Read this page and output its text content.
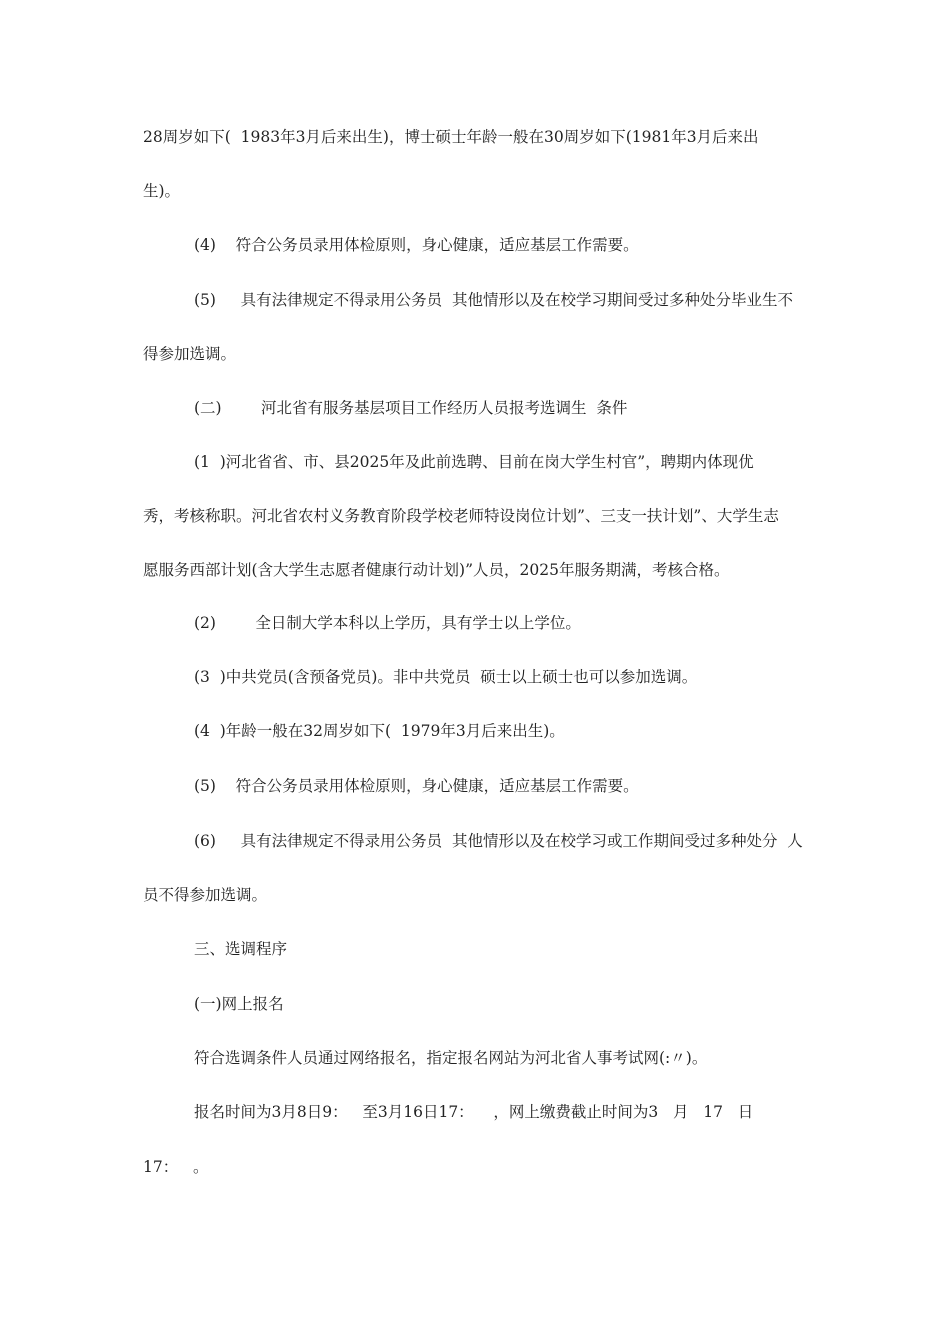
28周岁如下(  1983年3月后来出生)，博士硕士年龄一般在30周岁如下(1981年3月后来出
生)。
(4)    符合公务员录用体检原则，身心健康，适应基层工作需要。
(5)     具有法律规定不得录用公务员  其他情形以及在校学习期间受过多种处分毕业生不
得参加选调。
(二)        河北省有服务基层项目工作经历人员报考选调生  条件
(1  )河北省省、市、县2025年及此前选聘、目前在岗大学生村官”，聘期内体现优
秀，考核称职。河北省农村义务教育阶段学校老师特设岗位计划”、三支一扶计划”、大学生志
愿服务西部计划(含大学生志愿者健康行动计划)”人员，2025年服务期满，考核合格。
(2)        全日制大学本科以上学历，具有学士以上学位。
(3  )中共党员(含预备党员)。非中共党员  硕士以上硕士也可以参加选调。
(4  )年龄一般在32周岁如下(  1979年3月后来出生)。
(5)    符合公务员录用体检原则，身心健康，适应基层工作需要。
(6)     具有法律规定不得录用公务员  其他情形以及在校学习或工作期间受过多种处分  人
员不得参加选调。
三、选调程序
(一)网上报名
符合选调条件人员通过网络报名，指定报名网站为河北省人事考试网(:〃)。
报名时间为3月8日9：   至3月16日17：    ，网上缴费截止时间为3   月   17   日
17：   。
